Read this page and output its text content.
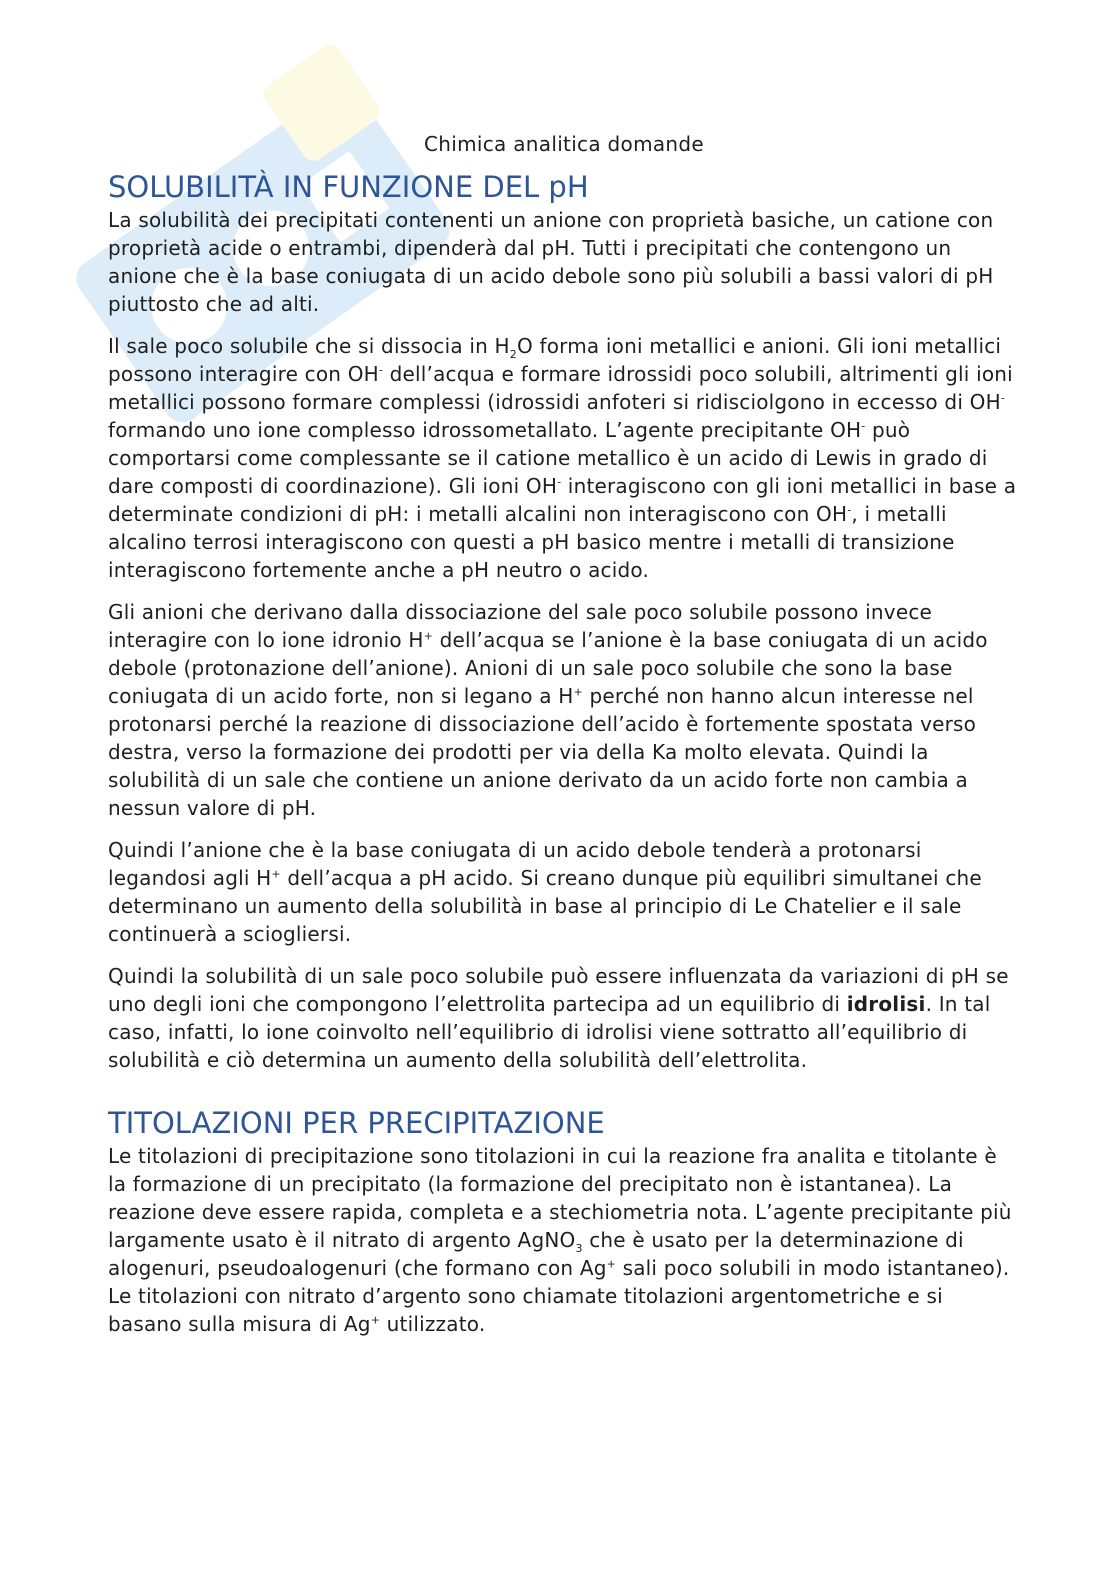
Chimica analitica domande
SOLUBILITÀ IN FUNZIONE DEL pH

La solubilità dei precipitati contenenti un anione con proprietà basiche, un catione con proprietà acide o entrambi, dipenderà dal pH. Tutti i precipitati che contengono un anione che è la base coniugata di un acido debole sono più solubili a bassi valori di pH piuttosto che ad alti.

Il sale poco solubile che si dissocia in $H_2O$ forma ioni metallici e anioni. Gli ioni metallici possono interagire con OH- dell’acqua e formare idrossidi poco solubili, altrimenti gli ioni metallici possono formare complessi (idrossidi anfoteri si ridisciolgono in eccesso di OH- formando uno ione complesso idrossometallato. L’agente precipitante OH- può comportarsi come complessante se il catione metallico è un acido di Lewis in grado di dare composti di coordinazione). Gli ioni OH- interagiscono con gli ioni metallici in base a determinate condizioni di pH: i metalli alcalini non interagiscono con OH-, i metalli alcalino terrosi interagiscono con questi a pH basico mentre i metalli di transizione interagiscono fortemente anche a pH neutro o acido.

Gli anioni che derivano dalla dissociazione del sale poco solubile possono invece interagire con lo ione idronio H+ dell’acqua se l’anione è la base coniugata di un acido debole (protonazione dell’anione). Anioni di un sale poco solubile che sono la base coniugata di un acido forte, non si legano a H+ perché non hanno alcun interesse nel protonarsi perché la reazione di dissociazione dell’acido è fortemente spostata verso destra, verso la formazione dei prodotti per via della Ka molto elevata. Quindi la solubilità di un sale che contiene un anione derivato da un acido forte non cambia a nessun valore di pH.

Quindi l’anione che è la base coniugata di un acido debole tenderà a protonarsi legandosi agli H+ dell’acqua a pH acido. Si creano dunque più equilibri simultanei che determinano un aumento della solubilità in base al principio di Le Chatelier e il sale continuerà a sciogliersi.

Quindi la solubilità di un sale poco solubile può essere influenzata da variazioni di pH se uno degli ioni che compongono l’elettrolita partecipa ad un equilibrio di idrolisi. In tal caso, infatti, lo ione coinvolto nell’equilibrio di idrolisi viene sottratto all’equilibrio di solubilità e ciò determina un aumento della solubilità dell’elettrolita.

TITOLAZIONI PER PRECIPITAZIONE

Le titolazioni di precipitazione sono titolazioni in cui la reazione fra analita e titolante è la formazione di un precipitato (la formazione del precipitato non è istantanea). La reazione deve essere rapida, completa e a stechiometria nota. L’agente precipitante più largamente usato è il nitrato di argento AgNO$_3$ che è usato per la determinazione di alogenuri, pseudoalogenuri (che formano con Ag+ sali poco solubili in modo istantaneo). Le titolazioni con nitrato d’argento sono chiamate titolazioni argentometriche e si basano sulla misura di Ag+ utilizzato.
